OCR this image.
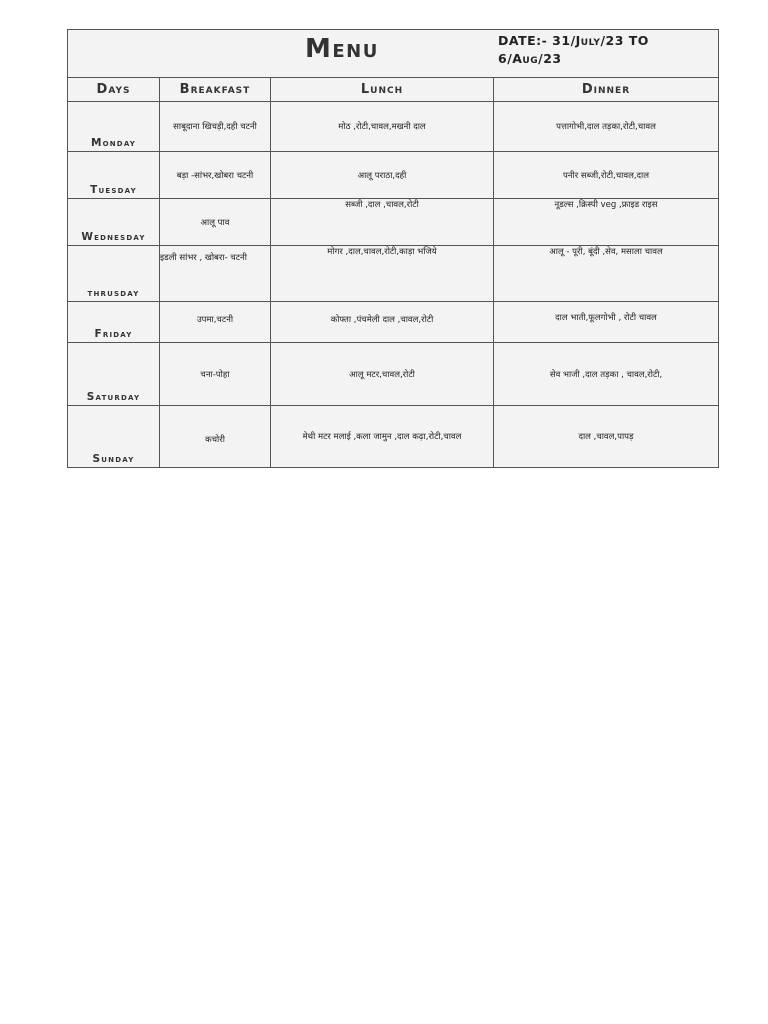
Menu DATE:- 31/July/23 TO 6/Aug/23			

Days	Breakfast	Lunch	Dinner

Monday	साबूदाना खिचड़ी,दही चटनी	मोठ ,रोटी,चावल,मखनी दाल	पत्तागोभी,दाल तड़का,रोटी,चावल

Tuesday	बड़ा -सांभर,खोबरा चटनी	आलू पराठा,दही	पनीर सब्जी,रोटी,चावल,दाल

Wednesday	आलू पाव	सब्जी ,दाल ,चावल,रोटी	नूडल्स ,क्रिस्पी veg ,फ्राइड राइस

thrusday	इडली सांभर , खोबरा- चटनी	मोगर ,दाल,चावल,रोटी,काड़ा भजिये	आलू - पूरी, बूंदी ,सेव, मसाला चावल

Friday	उपमा,चटनी	कोफ्ता ,पंचमेली दाल ,चावल,रोटी	दाल भाती,फूलगोभी , रोटी चावल

Saturday	चना-पोहा	आलू मटर,चावल,रोटी	सेव भाजी ,दाल तड़का , चावल,रोटी,

Sunday	कचोरी	मेथी मटर मलाई ,कला जामुन ,दाल कढ़ा,रोटी,चावल	दाल ,चावल,पापड़
